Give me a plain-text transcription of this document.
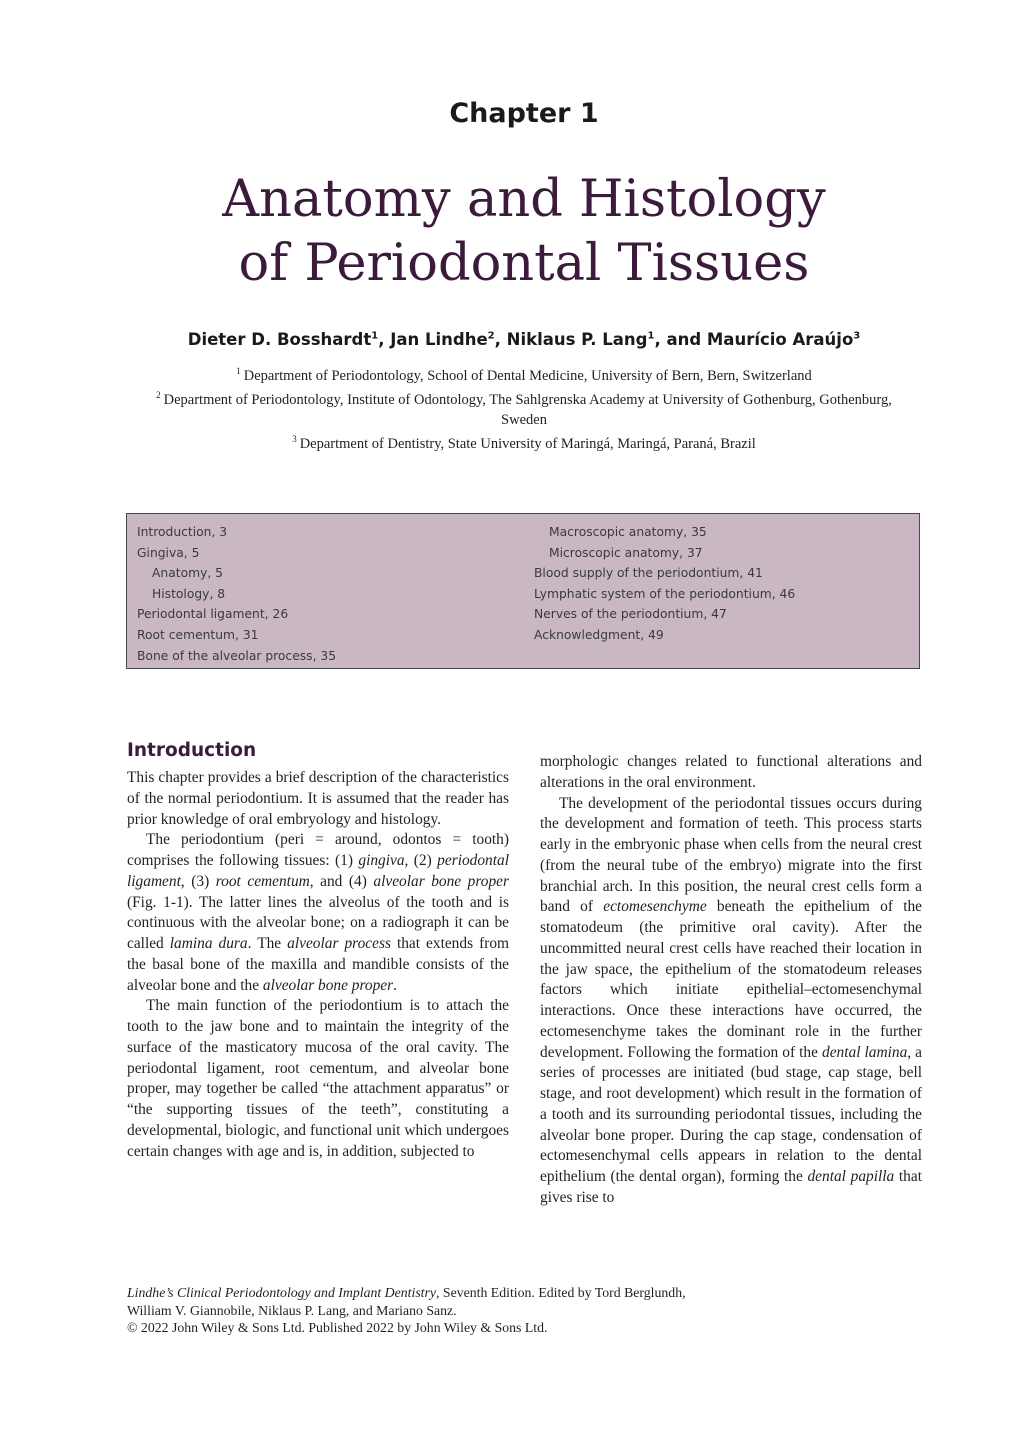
Chapter 1
Anatomy and Histology
of Periodontal Tissues
Dieter D. Bosshardt$^1$, Jan Lindhe$^2$, Niklaus P. Lang$^1$, and Maurício Araújo$^3$
$^1$ Department of Periodontology, School of Dental Medicine, University of Bern, Bern, Switzerland
$^2$ Department of Periodontology, Institute of Odontology, The Sahlgrenska Academy at University of Gothenburg, Gothenburg, Sweden
$^3$ Department of Dentistry, State University of Maringá, Maringá, Paraná, Brazil
Introduction, 3
Gingiva, 5
Anatomy, 5
Histology, 8
Periodontal ligament, 26
Root cementum, 31
Bone of the alveolar process, 35
Macroscopic anatomy, 35
Microscopic anatomy, 37
Blood supply of the periodontium, 41
Lymphatic system of the periodontium, 46
Nerves of the periodontium, 47
Acknowledgment, 49
Introduction

This chapter provides a brief description of the characteristics of the normal periodontium. It is assumed that the reader has prior knowledge of oral embryology and histology.

The periodontium (peri = around, odontos = tooth) comprises the following tissues: (1) gingiva, (2) periodontal ligament, (3) root cementum, and (4) alveolar bone proper (Fig. 1-1). The latter lines the alveolus of the tooth and is continuous with the alveolar bone; on a radiograph it can be called lamina dura. The alveolar process that extends from the basal bone of the maxilla and mandible consists of the alveolar bone and the alveolar bone proper.

The main function of the periodontium is to attach the tooth to the jaw bone and to maintain the integrity of the surface of the masticatory mucosa of the oral cavity. The periodontal ligament, root cementum, and alveolar bone proper, may together be called “the attachment apparatus” or “the supporting tissues of the teeth”, constituting a developmental, biologic, and functional unit which undergoes certain changes with age and is, in addition, subjected to

morphologic changes related to functional alterations and alterations in the oral environment.

The development of the periodontal tissues occurs during the development and formation of teeth. This process starts early in the embryonic phase when cells from the neural crest (from the neural tube of the embryo) migrate into the first branchial arch. In this position, the neural crest cells form a band of ectomesenchyme beneath the epithelium of the stomatodeum (the primitive oral cavity). After the uncommitted neural crest cells have reached their location in the jaw space, the epithelium of the stomatodeum releases factors which initiate epithelial–ectomesenchymal interactions. Once these interactions have occurred, the ectomesenchyme takes the dominant role in the further development. Following the formation of the dental lamina, a series of processes are initiated (bud stage, cap stage, bell stage, and root development) which result in the formation of a tooth and its surrounding periodontal tissues, including the alveolar bone proper. During the cap stage, condensation of ectomesenchymal cells appears in relation to the dental epithelium (the dental organ), forming the dental papilla that gives rise to

Lindhe’s Clinical Periodontology and Implant Dentistry, Seventh Edition. Edited by Tord Berglundh,
William V. Giannobile, Niklaus P. Lang, and Mariano Sanz.
© 2022 John Wiley & Sons Ltd. Published 2022 by John Wiley & Sons Ltd.
